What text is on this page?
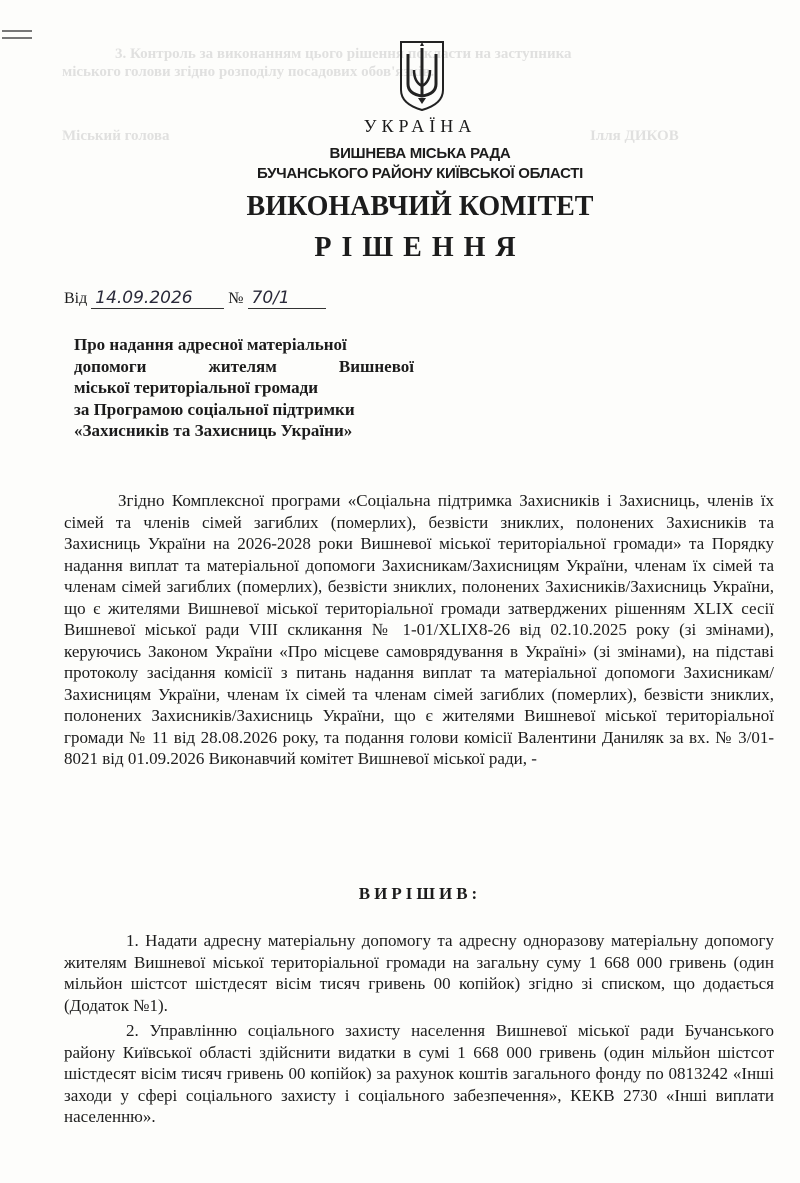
3. Контроль за виконанням цього рішення покласти на заступника
міського голови згідно розподілу посадових обов'язків.
Міський голова	Ілля ДИКОВ
УКРАЇНА
ВИШНЕВА МІСЬКА РАДА
БУЧАНСЬКОГО РАЙОНУ КИЇВСЬКОЇ ОБЛАСТІ
ВИКОНАВЧИЙ КОМІТЕТ
РІШЕННЯ
Від 14.09.2026 № 70/1
Про надання адресної матеріальної
допомоги жителям Вишневої
міської територіальної громади
за Програмою соціальної підтримки
«Захисників та Захисниць України»
Згідно Комплексної програми «Соціальна підтримка Захисників і Захисниць, членів їх сімей та членів сімей загиблих (померлих), безвісти зниклих, полонених Захисників та Захисниць України на 2026-2028 роки Вишневої міської територіальної громади» та Порядку надання виплат та матеріальної допомоги Захисникам/Захисницям України, членам їх сімей та членам сімей загиблих (померлих), безвісти зниклих, полонених Захисників/Захисниць України, що є жителями Вишневої міської територіальної громади затверджених рішенням XLIX сесії Вишневої міської ради VIII скликання № 1-01/XLIX8-26 від 02.10.2025 року (зі змінами), керуючись Законом України «Про місцеве самоврядування в Україні» (зі змінами), на підставі протоколу засідання комісії з питань надання виплат та матеріальної допомоги Захисникам/Захисницям України, членам їх сімей та членам сімей загиблих (померлих), безвісти зниклих, полонених Захисників/Захисниць України, що є жителями Вишневої міської територіальної громади № 11 від 28.08.2026 року, та подання голови комісії Валентини Даниляк за вх. № 3/01-8021 від 01.09.2026 Виконавчий комітет Вишневої міської ради, -
ВИРІШИВ:
1. Надати адресну матеріальну допомогу та адресну одноразову матеріальну допомогу жителям Вишневої міської територіальної громади на загальну суму 1 668 000 гривень (один мільйон шістсот шістдесят вісім тисяч гривень 00 копійок) згідно зі списком, що додається (Додаток №1).
2. Управлінню соціального захисту населення Вишневої міської ради Бучанського району Київської області здійснити видатки в сумі 1 668 000 гривень (один мільйон шістсот шістдесят вісім тисяч гривень 00 копійок) за рахунок коштів загального фонду по 0813242 «Інші заходи у сфері соціального захисту і соціального забезпечення», КЕКВ 2730 «Інші виплати населенню».
